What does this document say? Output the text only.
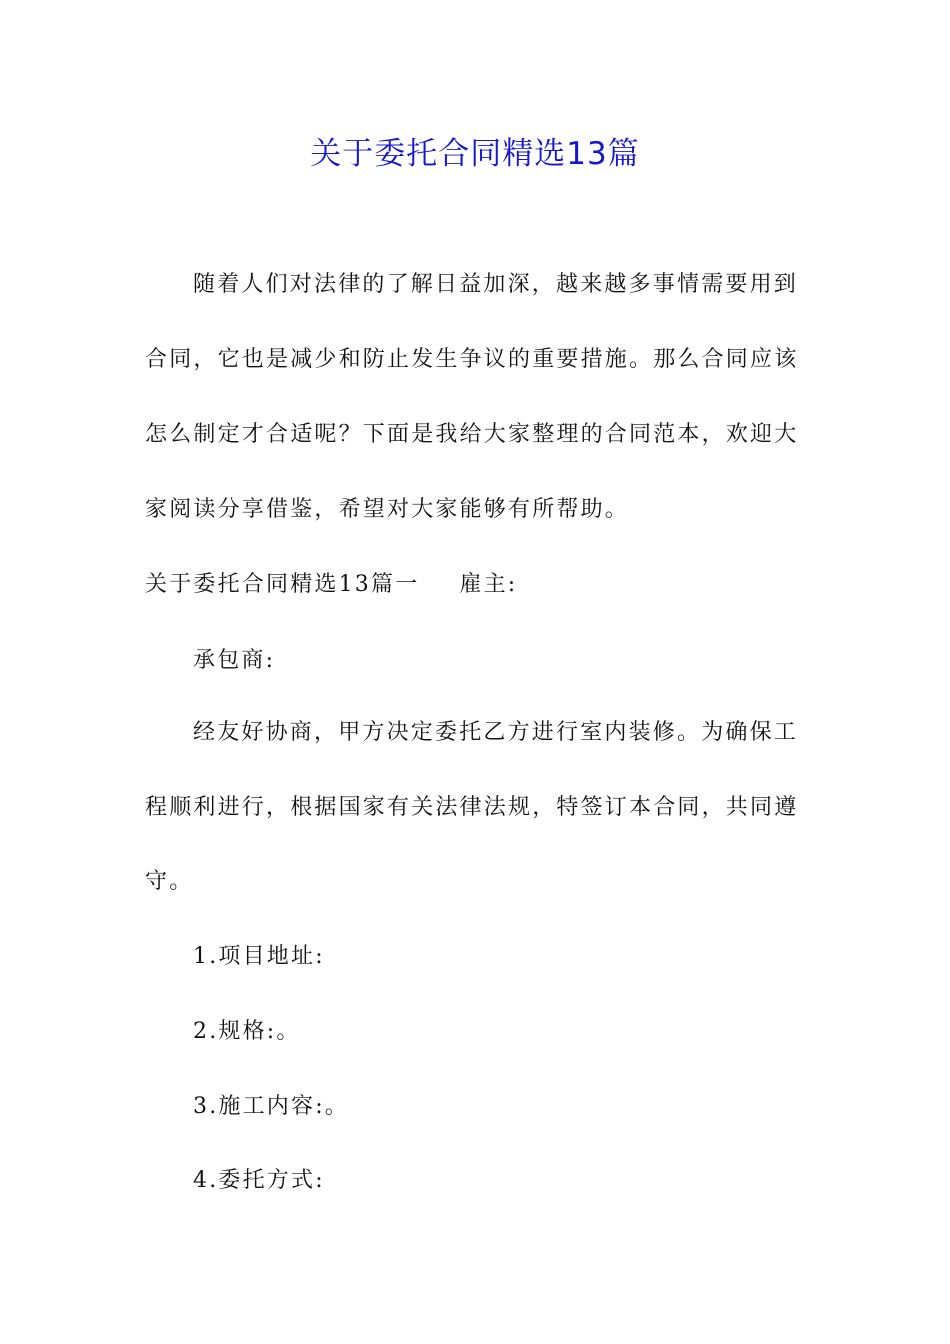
关于委托合同精选13篇
随着人们对法律的了解日益加深，越来越多事情需要用到
合同，它也是减少和防止发生争议的重要措施。那么合同应该
怎么制定才合适呢？下面是我给大家整理的合同范本，欢迎大
家阅读分享借鉴，希望对大家能够有所帮助。
关于委托合同精选13篇一 雇主:
承包商:
经友好协商，甲方决定委托乙方进行室内装修。为确保工
程顺利进行，根据国家有关法律法规，特签订本合同，共同遵
守。
1.项目地址:
2.规格:。
3.施工内容:。
4.委托方式:
